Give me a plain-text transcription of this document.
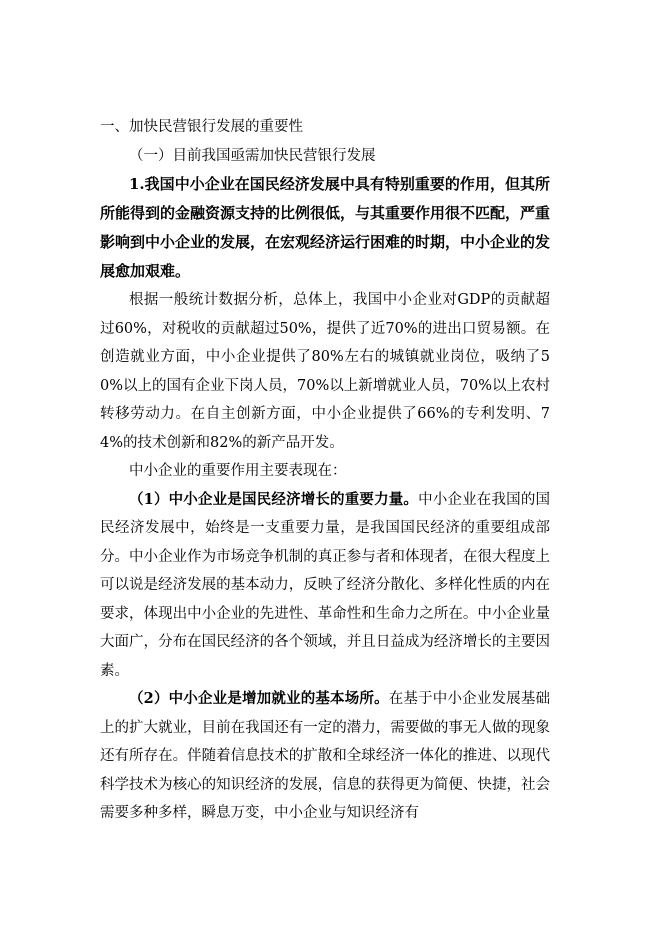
一、加快民营银行发展的重要性

（一）目前我国亟需加快民营银行发展

1.我国中小企业在国民经济发展中具有特别重要的作用，但其所所能得到的金融资源支持的比例很低，与其重要作用很不匹配，严重影响到中小企业的发展，在宏观经济运行困难的时期，中小企业的发展愈加艰难。

根据一般统计数据分析，总体上，我国中小企业对GDP的贡献超过60%，对税收的贡献超过50%，提供了近70%的进出口贸易额。在创造就业方面，中小企业提供了80%左右的城镇就业岗位，吸纳了50%以上的国有企业下岗人员，70%以上新增就业人员，70%以上农村转移劳动力。在自主创新方面，中小企业提供了66%的专利发明、74%的技术创新和82%的新产品开发。

中小企业的重要作用主要表现在：

（1）中小企业是国民经济增长的重要力量。中小企业在我国的国民经济发展中，始终是一支重要力量，是我国国民经济的重要组成部分。中小企业作为市场竞争机制的真正参与者和体现者，在很大程度上可以说是经济发展的基本动力，反映了经济分散化、多样化性质的内在要求，体现出中小企业的先进性、革命性和生命力之所在。中小企业量大面广，分布在国民经济的各个领域，并且日益成为经济增长的主要因素。

（2）中小企业是增加就业的基本场所。在基于中小企业发展基础上的扩大就业，目前在我国还有一定的潜力，需要做的事无人做的现象还有所存在。伴随着信息技术的扩散和全球经济一体化的推进、以现代科学技术为核心的知识经济的发展，信息的获得更为简便、快捷，社会需要多种多样，瞬息万变，中小企业与知识经济有
